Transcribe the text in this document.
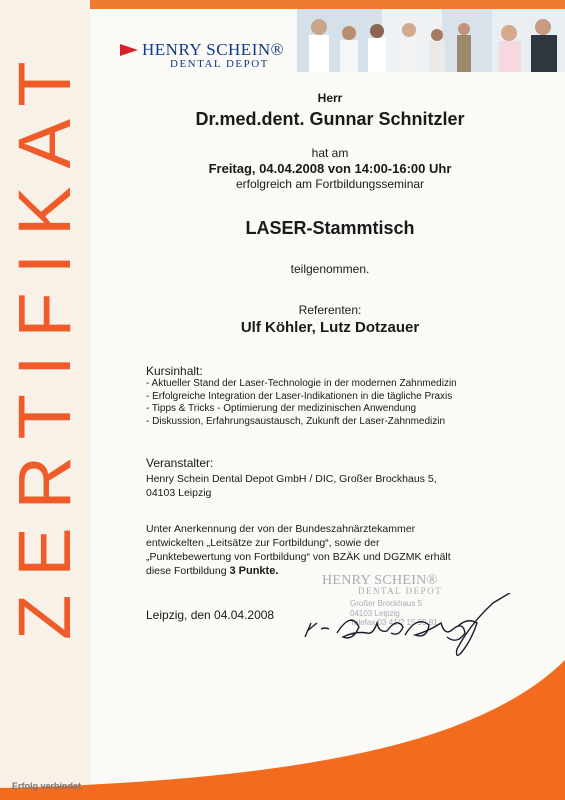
ZERTIFIKAT	HENRY SCHEIN®
DENTAL DEPOT
Herr
Dr.med.dent. Gunnar Schnitzler
hat am
Freitag, 04.04.2008 von 14:00-16:00 Uhr
erfolgreich am Fortbildungsseminar
LASER-Stammtisch
teilgenommen.
Referenten:
Ulf Köhler, Lutz Dotzauer
Kursinhalt:
- Aktueller Stand der Laser-Technologie in der modernen Zahnmedizin
- Erfolgreiche Integration der Laser-Indikationen in die tägliche Praxis
- Tipps & Tricks - Optimierung der medizinischen Anwendung
- Diskussion, Erfahrungsaustausch, Zukunft der Laser-Zahnmedizin
Veranstalter:
Henry Schein Dental Depot GmbH / DIC, Großer Brockhaus 5,
04103 Leipzig
Unter Anerkennung der von der Bundeszahnärztekammer
entwickelten „Leitsätze zur Fortbildung“, sowie der
„Punktebewertung von Fortbildung“ von BZÄK und DGZMK erhält
diese Fortbildung 3 Punkte.
HENRY SCHEIN®
DENTAL DEPOT
Großer Brockhaus 5
04103 Leipzig
Telefax 03 41/2 15 99 81
Leipzig, den 04.04.2008
Erfolg verbindet.
